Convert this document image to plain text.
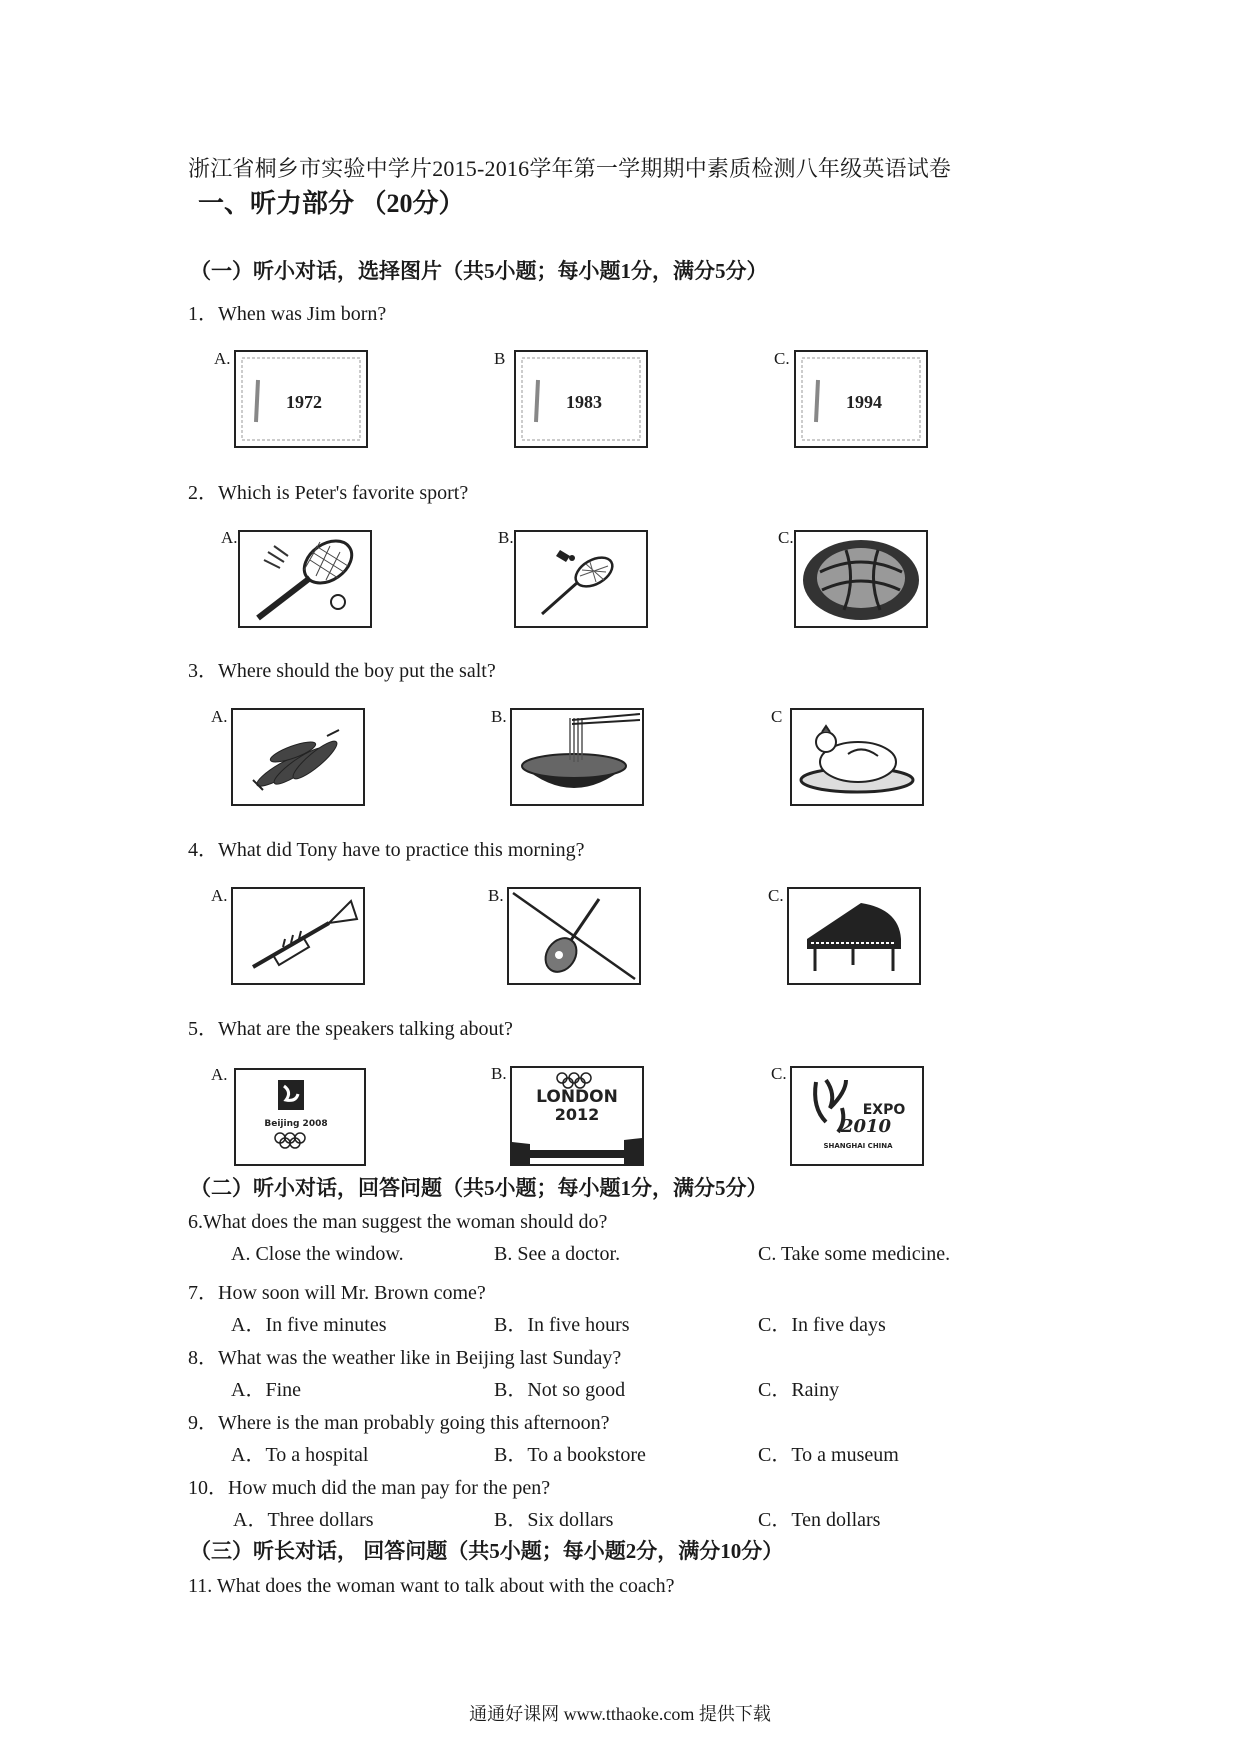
浙江省桐乡市实验中学片2015-2016学年第一学期期中素质检测八年级英语试卷
一、听力部分 （20分）
（一）听小对话，选择图片（共5小题；每小题1分，满分5分）
1．When was Jim born?
A.
1972
B
1983
C.
1994
2．Which is Peter's favorite sport?
A.	B.	C.
3．Where should the boy put the salt?
A.	B.	C
4．What did Tony have to practice this morning?
A.	B.	C.
5．What are the speakers talking about?
A.
Beijing 2008
B.
LONDON
2012
C.
EXPO
2010
SHANGHAI CHINA
（二）听小对话，回答问题（共5小题；每小题1分，满分5分）
6.What does the man suggest the woman should do?
A. Close the window.	B. See a doctor.	C. Take some medicine.
7．How soon will Mr. Brown come?
A．In five minutes	B．In five hours	C．In five days
8．What was the weather like in Beijing last Sunday?
A．Fine	B．Not so good	C．Rainy
9．Where is the man probably going this afternoon?
A．To a hospital	B．To a bookstore	C．To a museum
10．How much did the man pay for the pen?
A．Three dollars	B．Six dollars	C．Ten dollars
（三）听长对话， 回答问题（共5小题；每小题2分，满分10分）
11. What does the woman want to talk about with the coach?
通通好课网 www.tthaoke.com 提供下载
